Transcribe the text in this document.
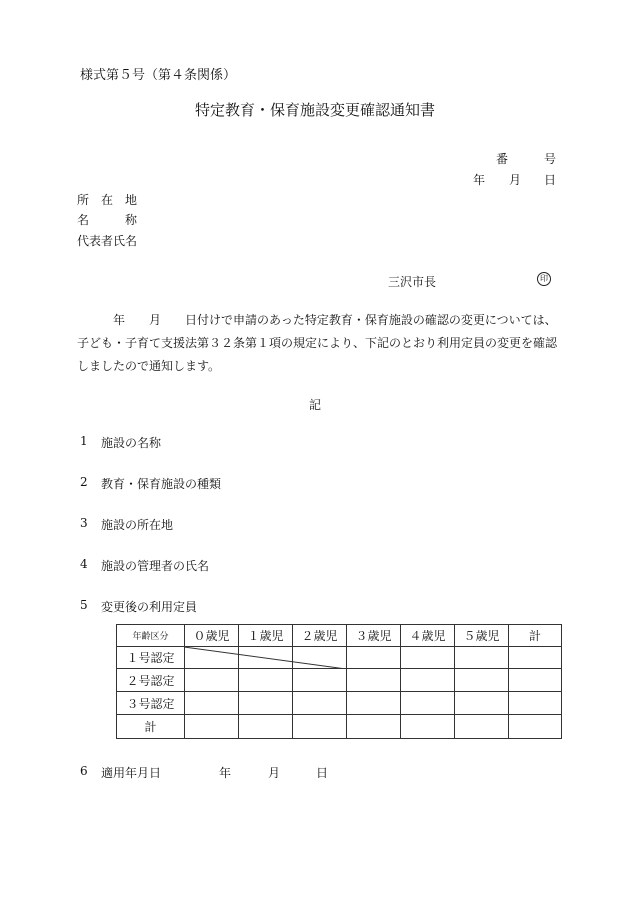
様式第５号（第４条関係）
特定教育・保育施設変更確認通知書
番	号
年 月 日
所　在　地
名　　　称
代表者氏名
三沢市長	印
　　　年　　月　　日付けで申請のあった特定教育・保育施設の確認の変更については、子ども・子育て支援法第３２条第１項の規定により、下記のとおり利用定員の変更を確認しましたので通知します。
記
1 施設の名称
2 教育・保育施設の種類
3 施設の所在地
4 施設の管理者の氏名
5 変更後の利用定員
年齢区分	０歳児	１歳児	２歳児	３歳児	４歳児	５歳児	計
１号認定							
２号認定							
３号認定							
計							
6 適用年月日	年	月	日
